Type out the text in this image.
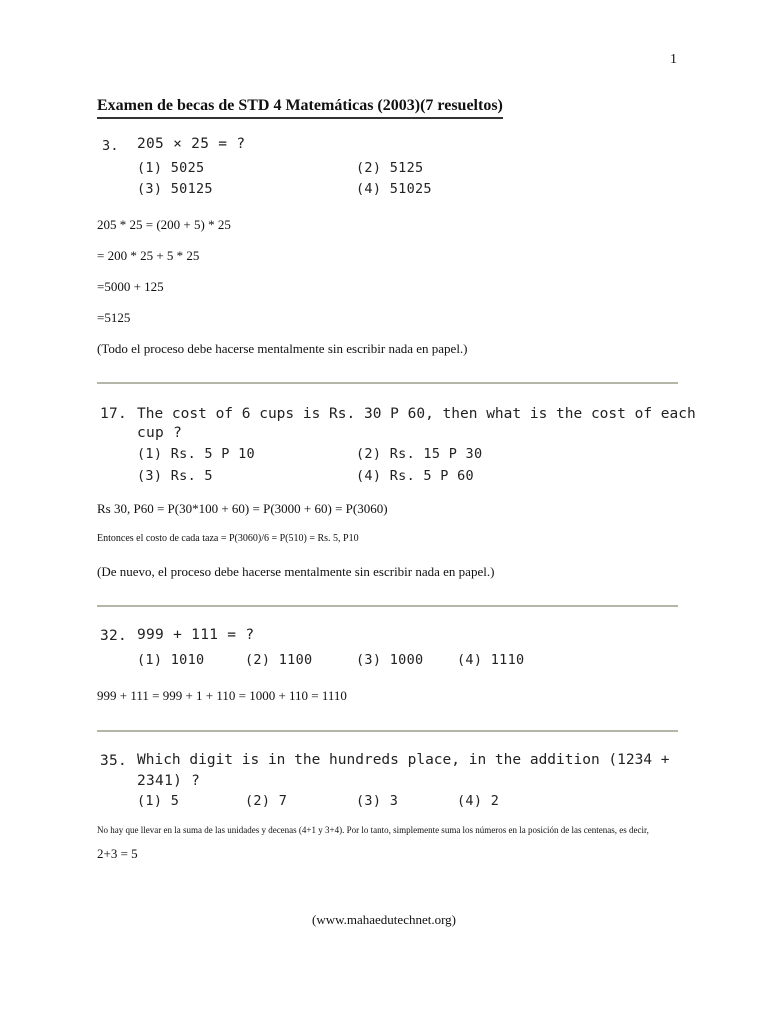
1
Examen de becas de STD 4 Matemáticas (2003)(7 resueltos)
3. 205 × 25 = ?
(1) 5025	(2) 5125
(3) 50125	(4) 51025
205 * 25 = (200 + 5) * 25
= 200 * 25 + 5 * 25
=5000 + 125
=5125
(Todo el proceso debe hacerse mentalmente sin escribir nada en papel.)
17. The cost of 6 cups is Rs. 30 P 60, then what is the cost of each
cup ?
(1) Rs. 5 P 10	(2) Rs. 15 P 30
(3) Rs. 5	(4) Rs. 5 P 60
Rs 30, P60 = P(30*100 + 60) = P(3000 + 60) = P(3060)
Entonces el costo de cada taza = P(3060)/6 = P(510) = Rs. 5, P10
(De nuevo, el proceso debe hacerse mentalmente sin escribir nada en papel.)
32. 999 + 111 = ?
(1) 1010	(2) 1100	(3) 1000 (4) 1110
999 + 111 = 999 + 1 + 110 = 1000 + 110 = 1110
35. Which digit is in the hundreds place, in the addition (1234 +
2341) ?
(1) 5	(2) 7	(3) 3	(4) 2
No hay que llevar en la suma de las unidades y decenas (4+1 y 3+4). Por lo tanto, simplemente suma los números en la posición de las centenas, es decir,
2+3 = 5
(www.mahaedutechnet.org)
